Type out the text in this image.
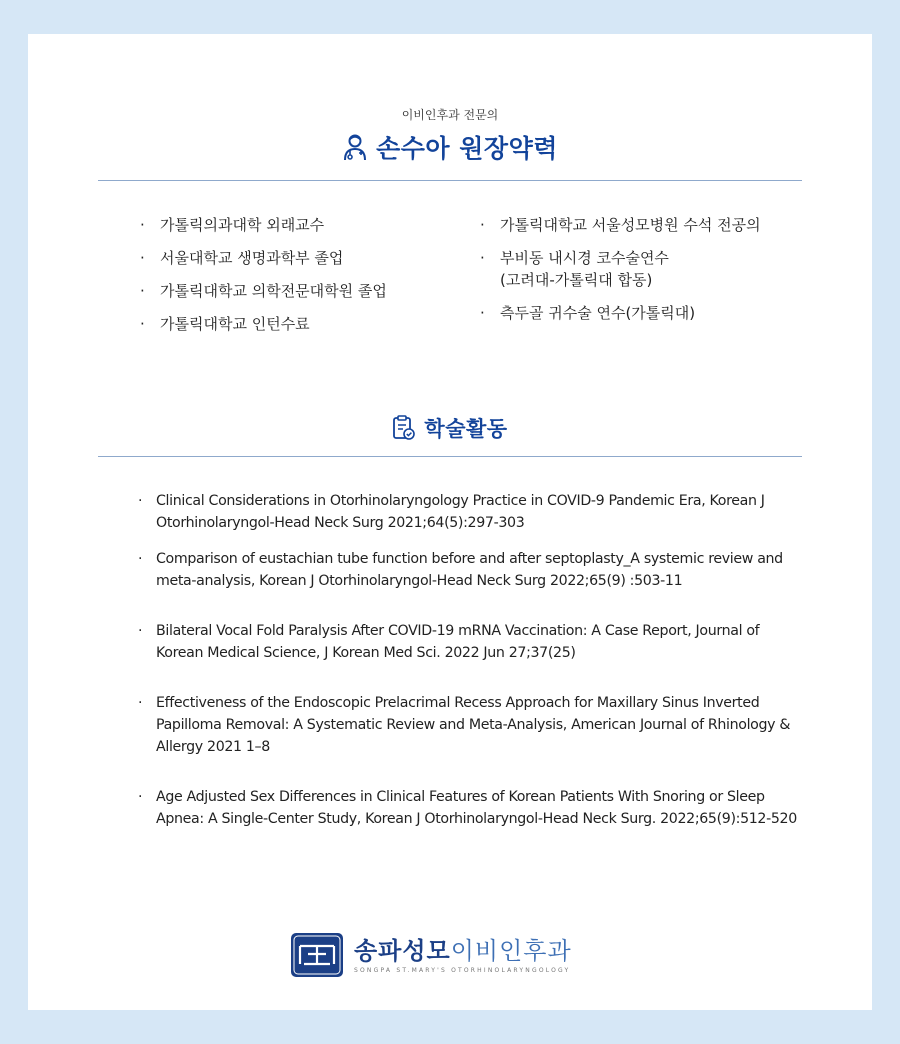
이비인후과 전문의
손수아 원장약력
·	가톨릭의과대학 외래교수
·	서울대학교 생명과학부 졸업
·	가톨릭대학교 의학전문대학원 졸업
·	가톨릭대학교 인턴수료
·	가톨릭대학교 서울성모병원 수석 전공의
·	부비동 내시경 코수술연수
(고려대-가톨릭대 합동)
·	측두골 귀수술 연수(가톨릭대)
학술활동
· Clinical Considerations in Otorhinolaryngology Practice in COVID-9 Pandemic Era, Korean J Otorhinolaryngol-Head Neck Surg 2021;64(5):297-303
· Comparison of eustachian tube function before and after septoplasty_A systemic review and meta-analysis, Korean J Otorhinolaryngol-Head Neck Surg 2022;65(9) :503-11
· Bilateral Vocal Fold Paralysis After COVID-19 mRNA Vaccination: A Case Report, Journal of Korean Medical Science, J Korean Med Sci. 2022 Jun 27;37(25)
· Effectiveness of the Endoscopic Prelacrimal Recess Approach for Maxillary Sinus Inverted Papilloma Removal: A Systematic Review and Meta-Analysis, American Journal of Rhinology & Allergy 2021 1–8
· Age Adjusted Sex Differences in Clinical Features of Korean Patients With Snoring or Sleep Apnea: A Single-Center Study, Korean J Otorhinolaryngol-Head Neck Surg. 2022;65(9):512-520
송파성모이비인후과
SONGPA ST.MARY'S OTORHINOLARYNGOLOGY
